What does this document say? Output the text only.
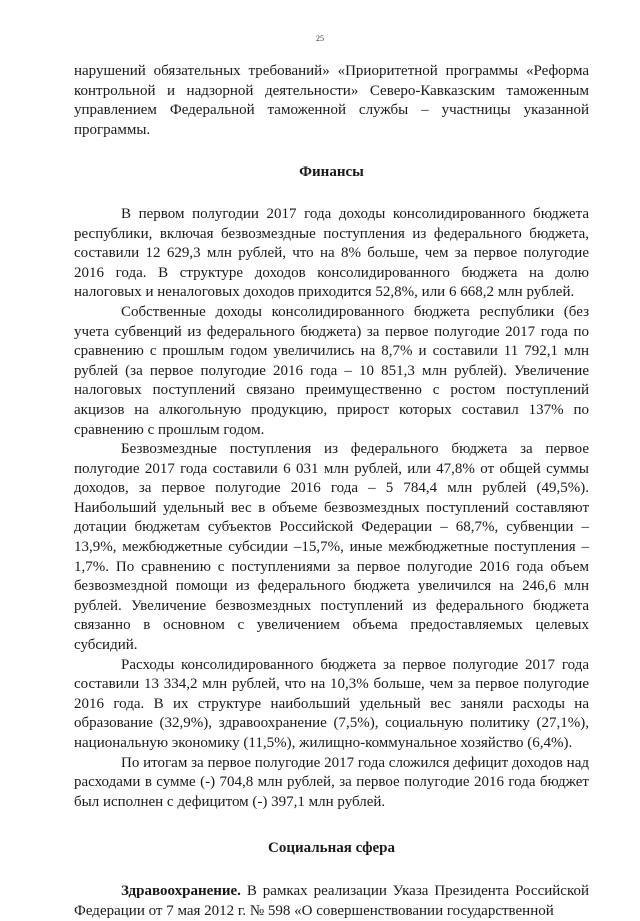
25

нарушений обязательных требований» «Приоритетной программы «Реформа контрольной и надзорной деятельности» Северо-Кавказским таможенным управлением Федеральной таможенной службы – участницы указанной программы.

Финансы

В первом полугодии 2017 года доходы консолидированного бюджета республики, включая безвозмездные поступления из федерального бюджета, составили 12 629,3 млн рублей, что на 8% больше, чем за первое полугодие 2016 года. В структуре доходов консолидированного бюджета на долю налоговых и неналоговых доходов приходится 52,8%, или 6 668,2 млн рублей.

Собственные доходы консолидированного бюджета республики (без учета субвенций из федерального бюджета) за первое полугодие 2017 года по сравнению с прошлым годом увеличились на 8,7% и составили 11 792,1 млн рублей (за первое полугодие 2016 года – 10 851,3 млн рублей). Увеличение налоговых поступлений связано преимущественно с ростом поступлений акцизов на алкогольную продукцию, прирост которых составил 137% по сравнению с прошлым годом.

Безвозмездные поступления из федерального бюджета за первое полугодие 2017 года составили 6 031 млн рублей, или 47,8% от общей суммы доходов, за первое полугодие 2016 года – 5 784,4 млн рублей (49,5%). Наибольший удельный вес в объеме безвозмездных поступлений составляют дотации бюджетам субъектов Российской Федерации – 68,7%, субвенции – 13,9%, межбюджетные субсидии –15,7%, иные межбюджетные поступления – 1,7%. По сравнению с поступлениями за первое полугодие 2016 года объем безвозмездной помощи из федерального бюджета увеличился на 246,6 млн рублей. Увеличение безвозмездных поступлений из федерального бюджета связанно в основном с увеличением объема предоставляемых целевых субсидий.

Расходы консолидированного бюджета за первое полугодие 2017 года составили 13 334,2 млн рублей, что на 10,3% больше, чем за первое полугодие 2016 года. В их структуре наибольший удельный вес заняли расходы на образование (32,9%), здравоохранение (7,5%), социальную политику (27,1%), национальную экономику (11,5%), жилищно-коммунальное хозяйство (6,4%).

По итогам за первое полугодие 2017 года сложился дефицит доходов над расходами в сумме (-) 704,8 млн рублей, за первое полугодие 2016 года бюджет был исполнен с дефицитом (-) 397,1 млн рублей.

Социальная сфера

Здравоохранение. В рамках реализации Указа Президента Российской Федерации от 7 мая 2012 г. № 598 «О совершенствовании государственной
